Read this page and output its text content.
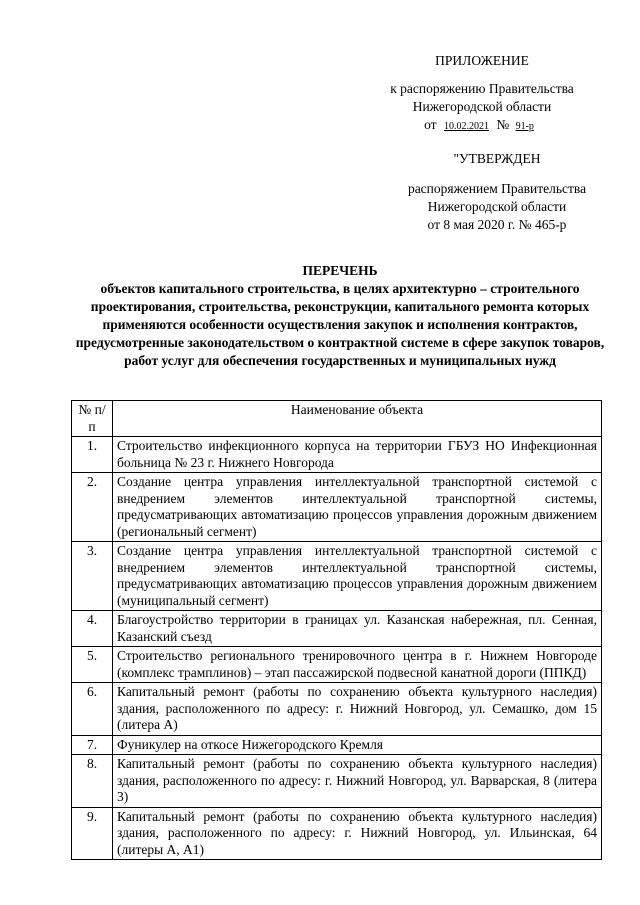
ПРИЛОЖЕНИЕ
к распоряжению Правительства
Нижегородской области
от 10.02.2021 № 91-р
"УТВЕРЖДЕН
распоряжением Правительства
Нижегородской области
от 8 мая 2020 г. № 465-р
ПЕРЕЧЕНЬ
объектов капитального строительства, в целях архитектурно – строительного проектирования, строительства, реконструкции, капитального ремонта которых применяются особенности осуществления закупок и исполнения контрактов, предусмотренные законодательством о контрактной системе в сфере закупок товаров, работ услуг для обеспечения государственных и муниципальных нужд
№ п/п	Наименование объекта
1.	Строительство инфекционного корпуса на территории ГБУЗ НО Инфекционная больница № 23 г. Нижнего Новгорода
2.	Создание центра управления интеллектуальной транспортной системой с внедрением элементов интеллектуальной транспортной системы, предусматривающих автоматизацию процессов управления дорожным движением (региональный сегмент)
3.	Создание центра управления интеллектуальной транспортной системой с внедрением элементов интеллектуальной транспортной системы, предусматривающих автоматизацию процессов управления дорожным движением (муниципальный сегмент)
4.	Благоустройство территории в границах ул. Казанская набережная, пл. Сенная, Казанский съезд
5.	Строительство регионального тренировочного центра в г. Нижнем Новгороде (комплекс трамплинов) – этап пассажирской подвесной канатной дороги (ППКД)
6.	Капитальный ремонт (работы по сохранению объекта культурного наследия) здания, расположенного по адресу: г. Нижний Новгород, ул. Семашко, дом 15 (литера А)
7.	Фуникулер на откосе Нижегородского Кремля
8.	Капитальный ремонт (работы по сохранению объекта культурного наследия) здания, расположенного по адресу: г. Нижний Новгород, ул. Варварская, 8 (литера 3)
9.	Капитальный ремонт (работы по сохранению объекта культурного наследия) здания, расположенного по адресу: г. Нижний Новгород, ул. Ильинская, 64 (литеры А, А1)
